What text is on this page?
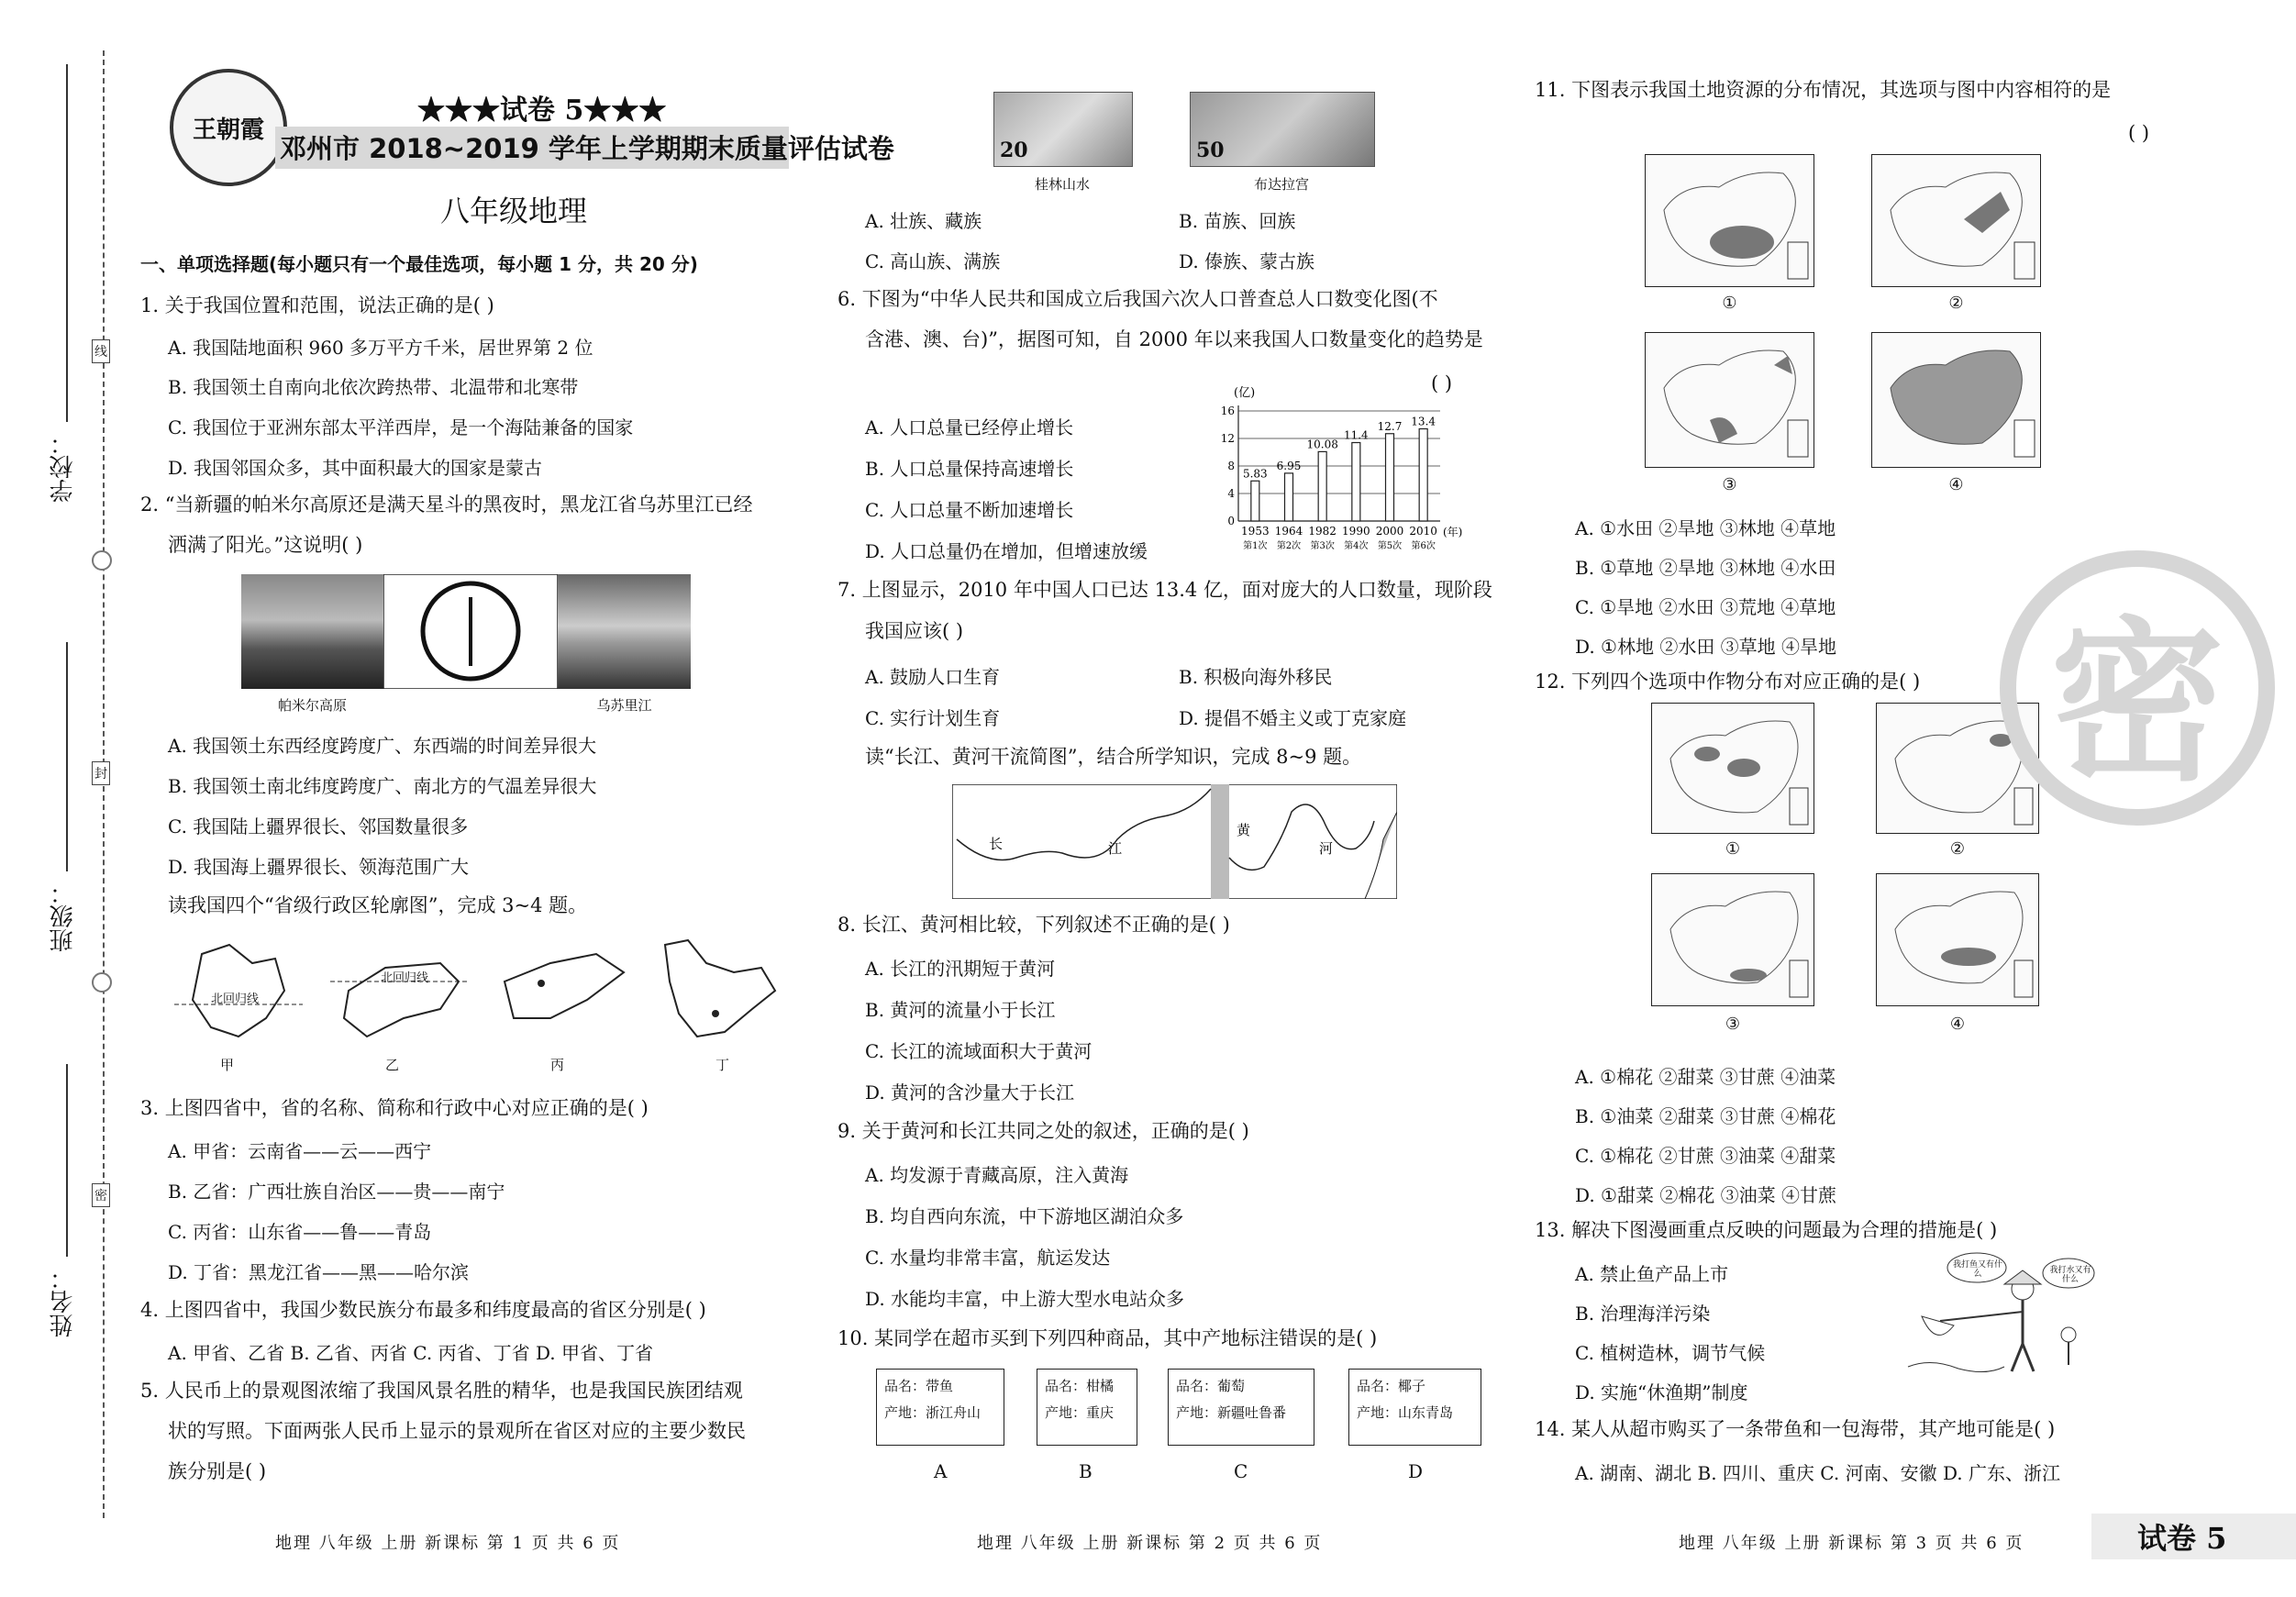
学校：
班级：
姓名：
线
封
密
王朝霞
★★★试卷 5★★★
邓州市 2018~2019 学年上学期期末质量评估试卷
八年级地理
一、单项选择题(每小题只有一个最佳选项，每小题 1 分，共 20 分)
1. 关于我国位置和范围，说法正确的是( )
A. 我国陆地面积 960 多万平方千米，居世界第 2 位
B. 我国领土自南向北依次跨热带、北温带和北寒带
C. 我国位于亚洲东部太平洋西岸，是一个海陆兼备的国家
D. 我国邻国众多，其中面积最大的国家是蒙古
2. “当新疆的帕米尔高原还是满天星斗的黑夜时，黑龙江省乌苏里江已经
洒满了阳光。”这说明( )
帕米尔高原	乌苏里江
A. 我国领土东西经度跨度广、东西端的时间差异很大
B. 我国领土南北纬度跨度广、南北方的气温差异很大
C. 我国陆上疆界很长、邻国数量很多
D. 我国海上疆界很长、领海范围广大
读我国四个“省级行政区轮廓图”，完成 3~4 题。
北回归线
北回归线
甲	乙	丙	丁
3. 上图四省中，省的名称、简称和行政中心对应正确的是( )
A. 甲省：云南省——云——西宁
B. 乙省：广西壮族自治区——贵——南宁
C. 丙省：山东省——鲁——青岛
D. 丁省：黑龙江省——黑——哈尔滨
4. 上图四省中，我国少数民族分布最多和纬度最高的省区分别是( )
A. 甲省、乙省 B. 乙省、丙省 C. 丙省、丁省 D. 甲省、丁省
5. 人民币上的景观图浓缩了我国风景名胜的精华，也是我国民族团结观
状的写照。下面两张人民币上显示的景观所在省区对应的主要少数民
族分别是( )
地理 八年级 上册 新课标 第 1 页 共 6 页
20	50
桂林山水	布达拉宫
A. 壮族、藏族	B. 苗族、回族
C. 高山族、满族	D. 傣族、蒙古族
6. 下图为“中华人民共和国成立后我国六次人口普查总人口数变化图(不
含港、澳、台)”，据图可知，自 2000 年以来我国人口数量变化的趋势是
( )
A. 人口总量已经停止增长
B. 人口总量保持高速增长
C. 人口总量不断加速增长
D. 人口总量仍在增加，但增速放缓
(亿)
(年)
0
4
8
12
16
5.83
1953
第1次
6.95
1964
第2次
10.08
1982
第3次
11.4
1990
第4次
12.7
2000
第5次
13.4
2010
第6次
7. 上图显示，2010 年中国人口已达 13.4 亿，面对庞大的人口数量，现阶段
我国应该( )
A. 鼓励人口生育	B. 积极向海外移民
C. 实行计划生育	D. 提倡不婚主义或丁克家庭
读“长江、黄河干流简图”，结合所学知识，完成 8~9 题。
长	江
黄
河
8. 长江、黄河相比较，下列叙述不正确的是( )
A. 长江的汛期短于黄河
B. 黄河的流量小于长江
C. 长江的流域面积大于黄河
D. 黄河的含沙量大于长江
9. 关于黄河和长江共同之处的叙述，正确的是( )
A. 均发源于青藏高原，注入黄海
B. 均自西向东流，中下游地区湖泊众多
C. 水量均非常丰富，航运发达
D. 水能均丰富，中上游大型水电站众多
10. 某同学在超市买到下列四种商品，其中产地标注错误的是( )
品名：带鱼
产地：浙江舟山
品名：柑橘
产地：重庆
品名：葡萄
产地：新疆吐鲁番
品名：椰子
产地：山东青岛
A	B	C	D
地理 八年级 上册 新课标 第 2 页 共 6 页
11. 下图表示我国土地资源的分布情况，其选项与图中内容相符的是
( )
①	②
③	④
A. ①水田 ②旱地 ③林地 ④草地
B. ①草地 ②旱地 ③林地 ④水田
C. ①旱地 ②水田 ③荒地 ④草地
D. ①林地 ②水田 ③草地 ④旱地
12. 下列四个选项中作物分布对应正确的是( )
①	②
③	④
A. ①棉花 ②甜菜 ③甘蔗 ④油菜
B. ①油菜 ②甜菜 ③甘蔗 ④棉花
C. ①棉花 ②甘蔗 ③油菜 ④甜菜
D. ①甜菜 ②棉花 ③油菜 ④甘蔗
13. 解决下图漫画重点反映的问题最为合理的措施是( )
A. 禁止鱼产品上市
B. 治理海洋污染
C. 植树造林，调节气候
D. 实施“休渔期”制度
我打鱼又有什么	我打水又有什么
14. 某人从超市购买了一条带鱼和一包海带，其产地可能是( )
A. 湖南、湖北 B. 四川、重庆 C. 河南、安徽 D. 广东、浙江
密
地理 八年级 上册 新课标 第 3 页 共 6 页	试卷 5
